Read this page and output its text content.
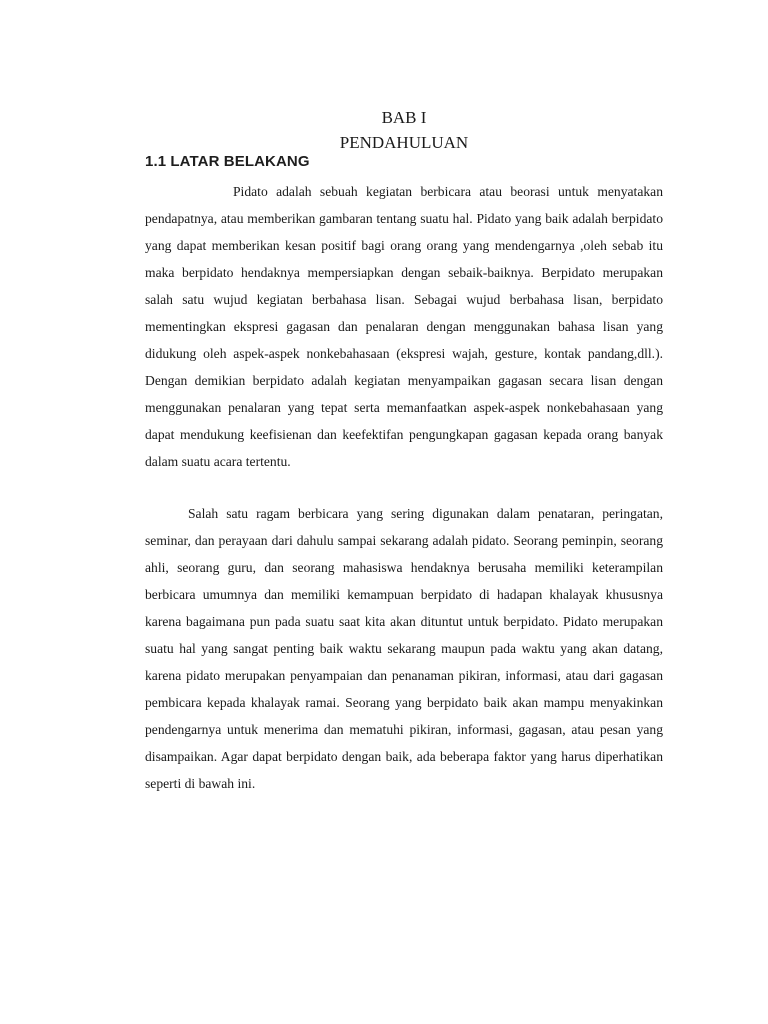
BAB I
PENDAHULUAN
1.1 LATAR BELAKANG

Pidato adalah sebuah kegiatan berbicara atau beorasi untuk menyatakan pendapatnya, atau memberikan gambaran tentang suatu hal. Pidato yang baik adalah berpidato yang dapat memberikan kesan positif bagi orang orang yang mendengarnya ,oleh sebab itu maka berpidato hendaknya mempersiapkan dengan sebaik-baiknya. Berpidato merupakan salah satu wujud kegiatan berbahasa lisan. Sebagai wujud berbahasa lisan, berpidato mementingkan ekspresi gagasan dan penalaran dengan menggunakan bahasa lisan yang didukung oleh aspek-aspek nonkebahasaan (ekspresi wajah, gesture, kontak pandang,dll.). Dengan demikian berpidato adalah kegiatan menyampaikan gagasan secara lisan dengan menggunakan penalaran yang tepat serta memanfaatkan aspek-aspek nonkebahasaan yang dapat mendukung keefisienan dan keefektifan pengungkapan gagasan kepada orang banyak dalam suatu acara tertentu.

Salah satu ragam berbicara yang sering digunakan dalam penataran, peringatan, seminar, dan perayaan dari dahulu sampai sekarang adalah pidato. Seorang peminpin, seorang ahli, seorang guru, dan seorang mahasiswa hendaknya berusaha memiliki keterampilan berbicara umumnya dan memiliki kemampuan berpidato di hadapan khalayak khususnya karena bagaimana pun pada suatu saat kita akan dituntut untuk berpidato. Pidato merupakan suatu hal yang sangat penting baik waktu sekarang maupun pada waktu yang akan datang, karena pidato merupakan penyampaian dan penanaman pikiran, informasi, atau dari gagasan pembicara kepada khalayak ramai. Seorang yang berpidato baik akan mampu menyakinkan pendengarnya untuk menerima dan mematuhi pikiran, informasi, gagasan, atau pesan yang disampaikan. Agar dapat berpidato dengan baik, ada beberapa faktor yang harus diperhatikan seperti di bawah ini.
